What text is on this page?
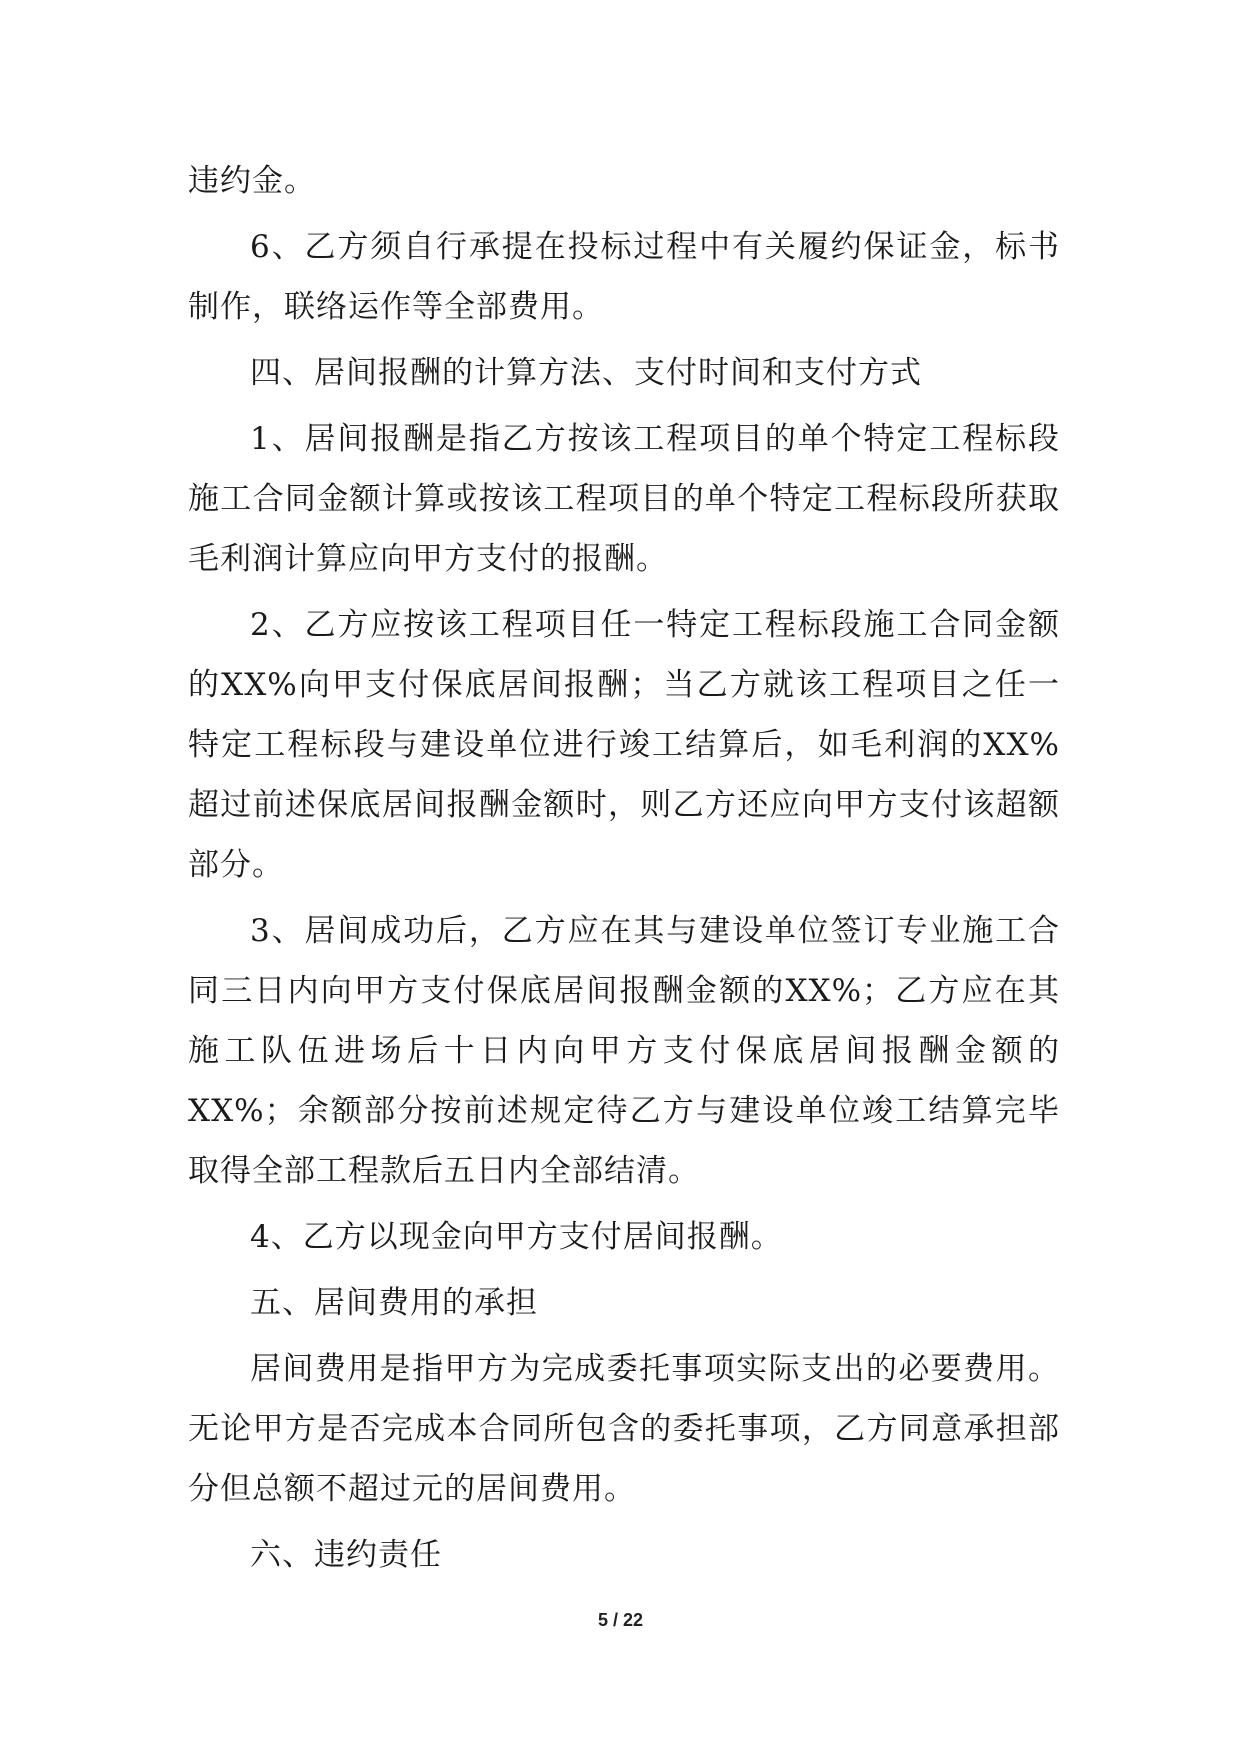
违约金。

6、乙方须自行承提在投标过程中有关履约保证金，标书制作，联络运作等全部费用。

四、居间报酬的计算方法、支付时间和支付方式

1、居间报酬是指乙方按该工程项目的单个特定工程标段施工合同金额计算或按该工程项目的单个特定工程标段所获取毛利润计算应向甲方支付的报酬。

2、乙方应按该工程项目任一特定工程标段施工合同金额的XX%向甲支付保底居间报酬；当乙方就该工程项目之任一特定工程标段与建设单位进行竣工结算后，如毛利润的XX%超过前述保底居间报酬金额时，则乙方还应向甲方支付该超额部分。

3、居间成功后，乙方应在其与建设单位签订专业施工合同三日内向甲方支付保底居间报酬金额的XX%；乙方应在其施工队伍进场后十日内向甲方支付保底居间报酬金额的XX%；余额部分按前述规定待乙方与建设单位竣工结算完毕取得全部工程款后五日内全部结清。

4、乙方以现金向甲方支付居间报酬。

五、居间费用的承担

居间费用是指甲方为完成委托事项实际支出的必要费用。无论甲方是否完成本合同所包含的委托事项，乙方同意承担部分但总额不超过元的居间费用。

六、违约责任

5 / 22
